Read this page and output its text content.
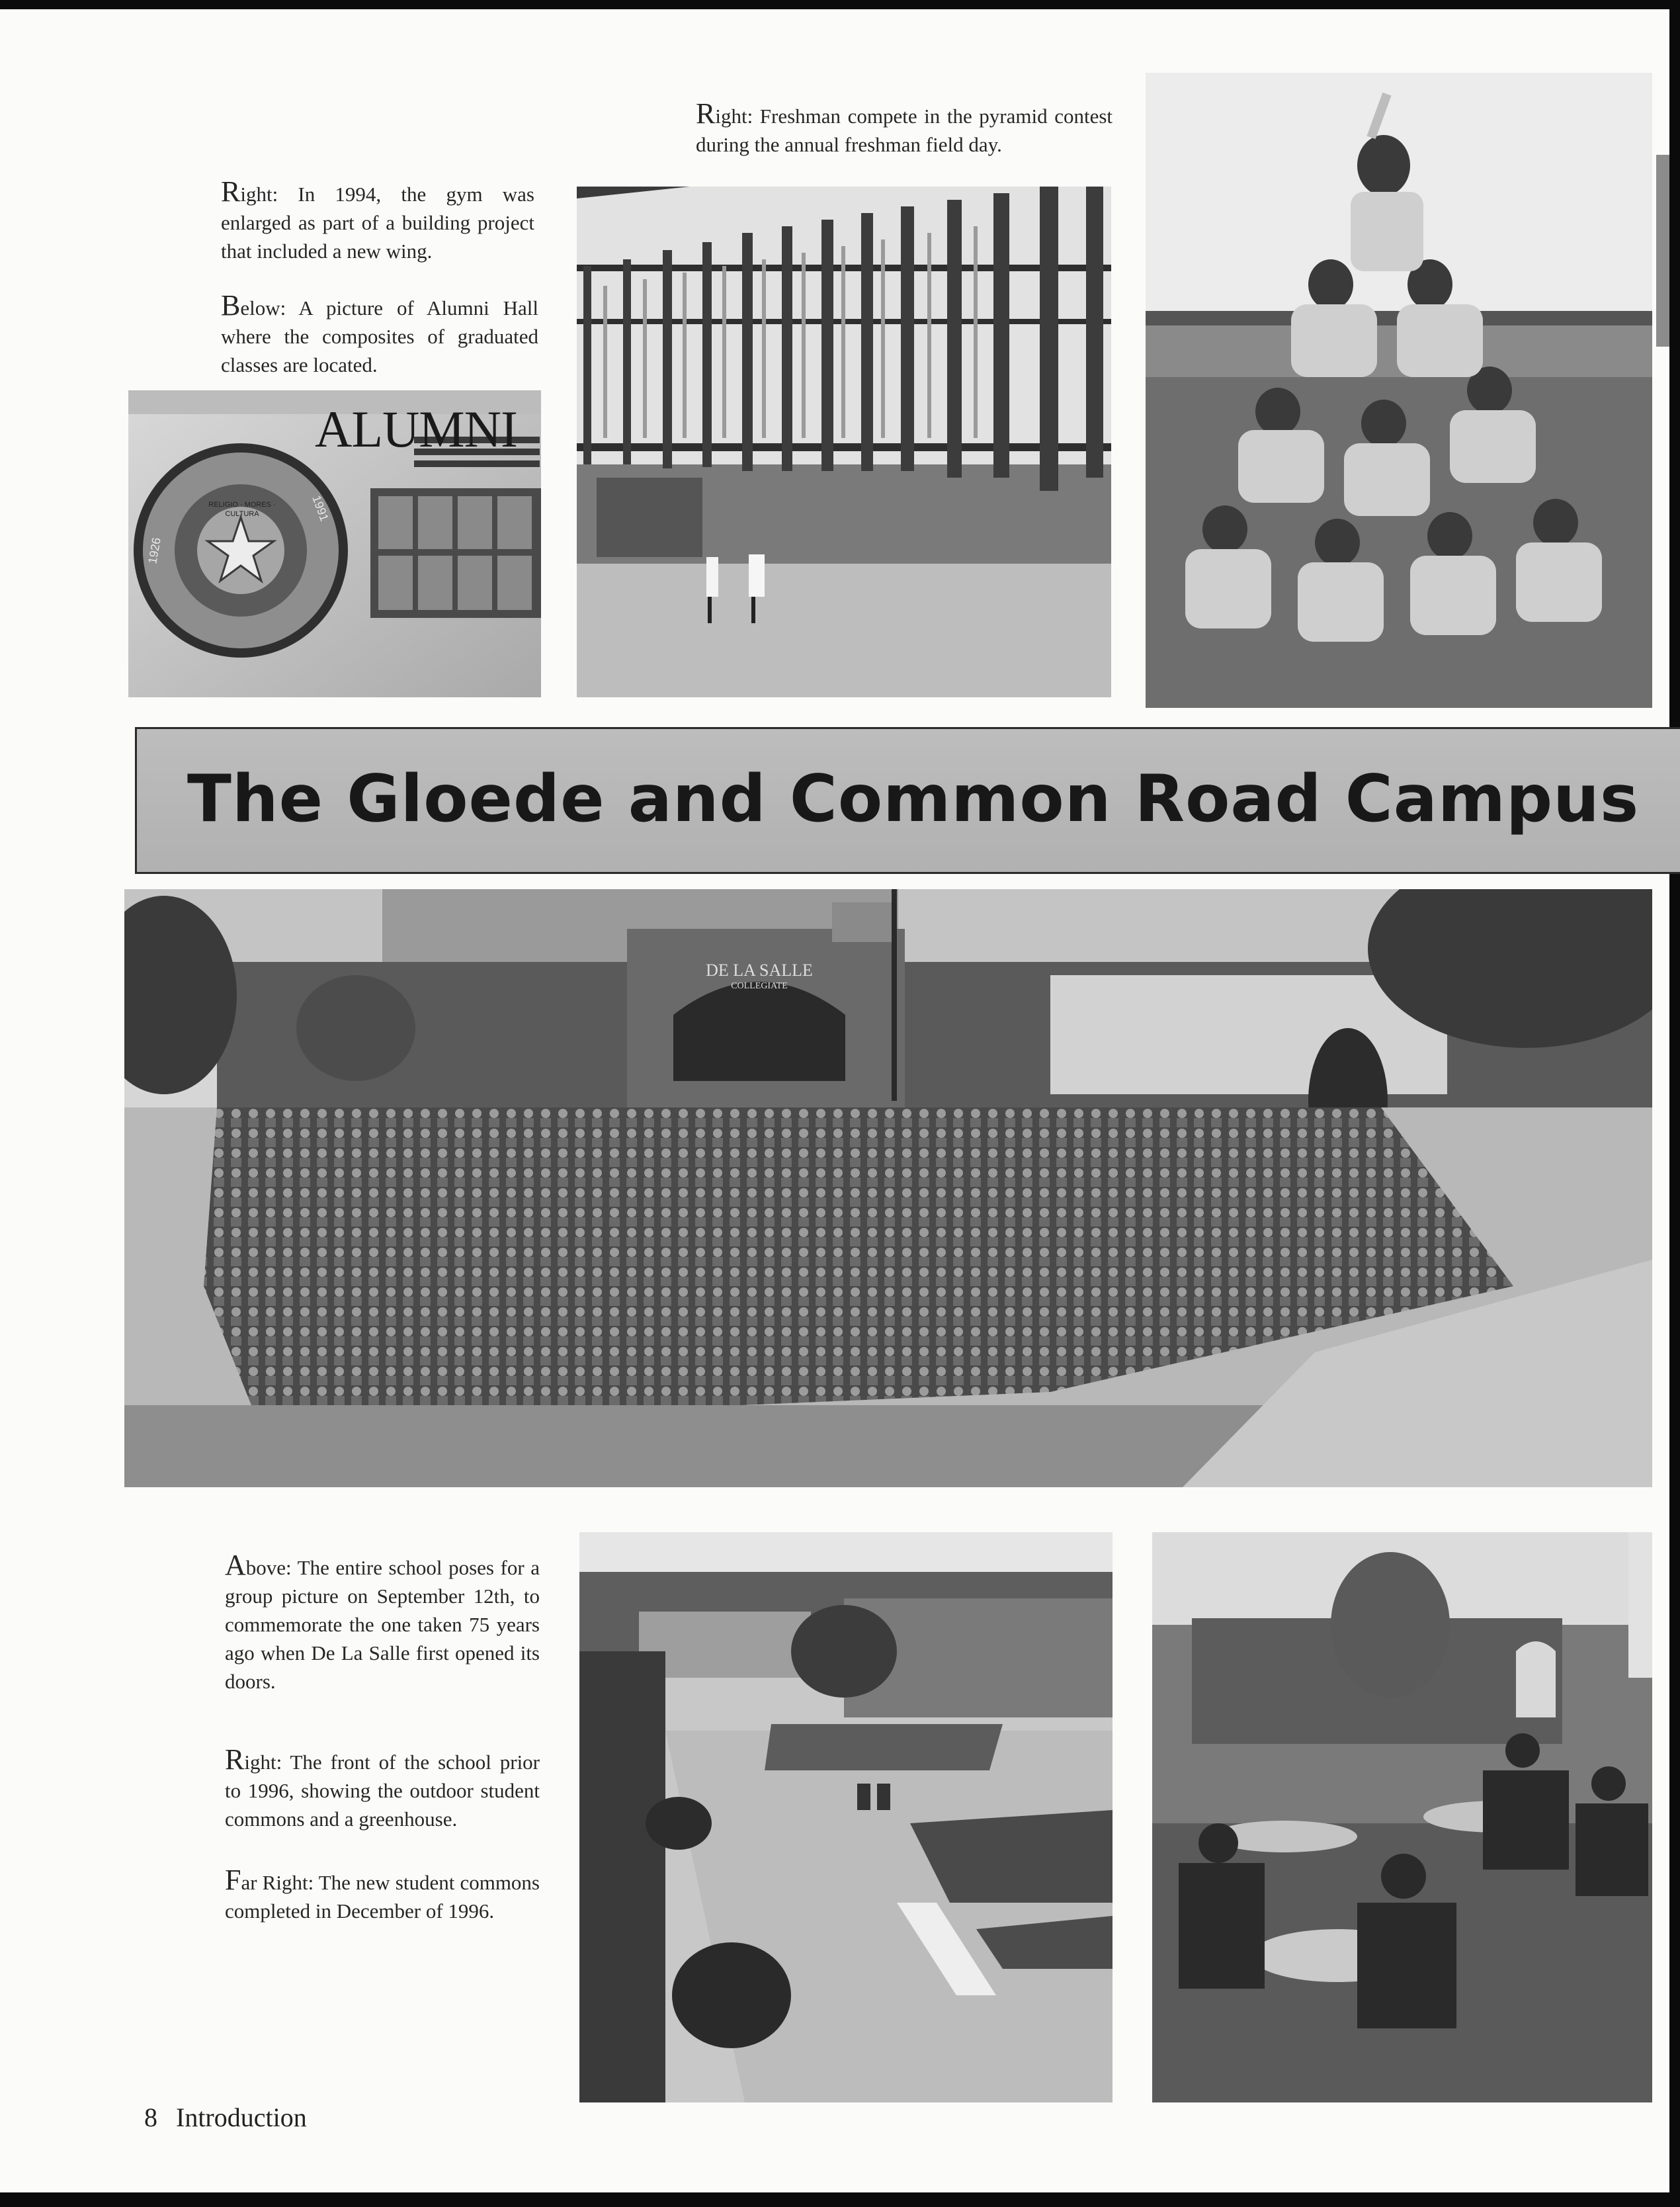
Right: In 1994, the gym was enlarged as part of a building project that included a new wing.

Below: A picture of Alumni Hall where the composites of graduated classes are located.

Right: Freshman compete in the pyramid contest during the annual freshman field day.

ALUMNI
RELIGIO · MORES · CULTURA
1926
1991
The Gloede and Common Road Campus
DE LA SALLE
COLLEGIATE

Above: The entire school poses for a group picture on September 12th, to commemorate the one taken 75 years ago when De La Salle first opened its doors.

Right: The front of the school prior to 1996, showing the outdoor student commons and a greenhouse.

Far Right: The new student commons completed in December of 1996.

8 Introduction
